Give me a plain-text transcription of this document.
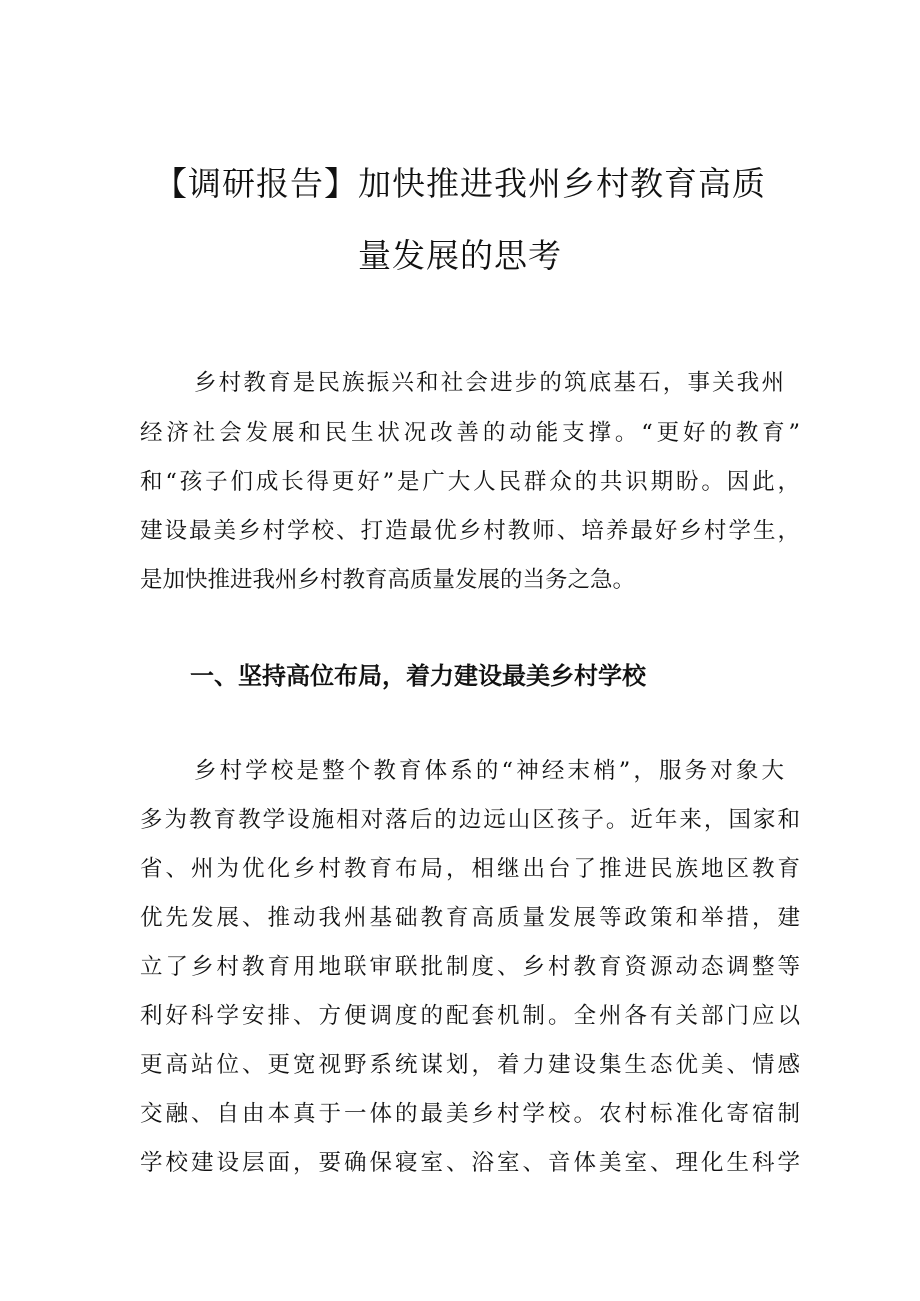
【调研报告】加快推进我州乡村教育高质
量发展的思考
乡村教育是民族振兴和社会进步的筑底基石，事关我州
经济社会发展和民生状况改善的动能支撑。“更好的教育”
和“孩子们成长得更好”是广大人民群众的共识期盼。因此，
建设最美乡村学校、打造最优乡村教师、培养最好乡村学生，
是加快推进我州乡村教育高质量发展的当务之急。
一、坚持高位布局，着力建设最美乡村学校
乡村学校是整个教育体系的“神经末梢”，服务对象大
多为教育教学设施相对落后的边远山区孩子。近年来，国家和
省、州为优化乡村教育布局，相继出台了推进民族地区教育
优先发展、推动我州基础教育高质量发展等政策和举措，建
立了乡村教育用地联审联批制度、乡村教育资源动态调整等
利好科学安排、方便调度的配套机制。全州各有关部门应以
更高站位、更宽视野系统谋划，着力建设集生态优美、情感
交融、自由本真于一体的最美乡村学校。农村标准化寄宿制
学校建设层面，要确保寝室、浴室、音体美室、理化生科学
